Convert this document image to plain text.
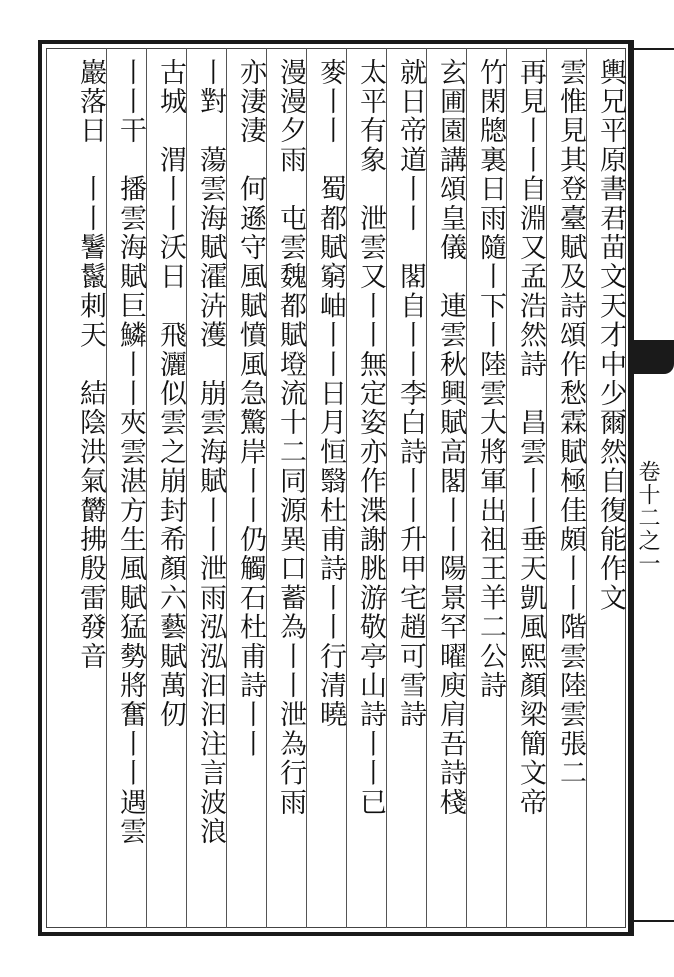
輿兄平原書君苗文天才中少爾然自復能作文
雲惟見其登臺賦及詩頌作愁霖賦極佳頗丨丨階雲陸雲張二
再見丨丨自淵又孟浩然詩　昌雲丨丨垂天凱風熙顏梁簡文帝
竹閑牕裏日雨隨丨下丨陸雲大將軍出祖王羊二公詩
玄圃園講頌皇儀　連雲秋興賦高閣丨丨陽景罕曜庾肩吾詩棧
就日帝道丨丨　閣自丨丨李白詩丨丨升甲宅趙可雪詩
太平有象　泄雲又丨丨無定姿亦作渫謝朓游敬亭山詩丨丨已
麥丨丨　蜀都賦窮岫丨丨日月恒翳杜甫詩丨丨行清曉
漫漫夕雨　屯雲魏都賦墱流十二同源異口蓄為丨丨泄為行雨
亦淒淒　何遜守風賦憤風急驚岸丨丨仍觸石杜甫詩丨丨
丨對　蕩雲海賦瀖泋濩　崩雲海賦丨丨泄雨泓泓汩汩注言波浪
古城　渭丨丨沃日　飛灑似雲之崩封希顏六藝賦萬仞
丨丨干　播雲海賦巨鱗丨丨夾雲湛方生風賦猛勢將奮丨丨遇雲
巖落日　丨丨鬐鬣刺天　結陰洪氣欝拂殷雷發音	卷十二之一
